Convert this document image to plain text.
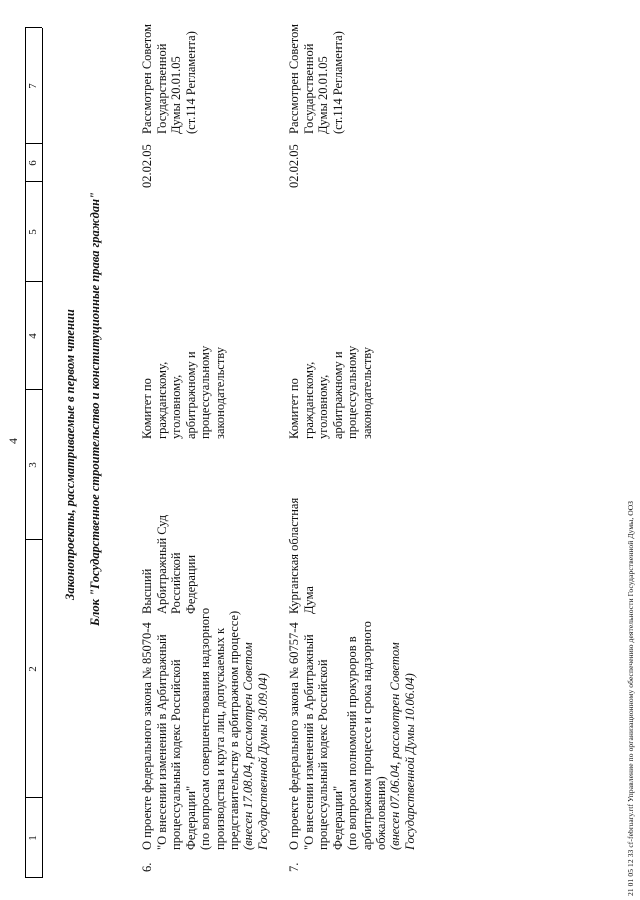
4
1
2
3
4
5
6
7
Законопроекты, рассматриваемые в первом чтении Блок "Государственное строительство и конституционные права граждан"
6.
О проекте федерального закона № 85070-4
"О внесении изменений в Арбитражный
процессуальный кодекс Российской
Федерации"
(по вопросам совершенствования надзорного
производства и круга лиц, допускаемых к
представительству в арбитражном процессе)
(внесен 17.08.04, рассмотрен Советом
Государственной Думы 30.09.04)
Высший
Арбитражный Суд
Российской
Федерации
Комитет по
гражданскому,
уголовному,
арбитражному и
процессуальному
законодательству
02.02.05
Рассмотрен Советом
Государственной
Думы 20.01.05
(ст.114 Регламента)
7.
О проекте федерального закона № 60757-4
"О внесении изменений в Арбитражный
процессуальный кодекс Российской
Федерации"
(по вопросам полномочий прокуроров в
арбитражном процессе и срока надзорного
обжалования) (внесен 07.06.04, рассмотрен Советом
Государственной Думы 10.06.04)
Курганская областная
Дума
Комитет по
гражданскому,
уголовному,
арбитражному и
процессуальному
законодательству
02.02.05
Рассмотрен Советом
Государственной
Думы 20.01.05
(ст.114 Регламента)
21 01 05 12 33 cf-february.rtf Управление по организационному обеспечению деятельности Государственной Думы, ООЗ
